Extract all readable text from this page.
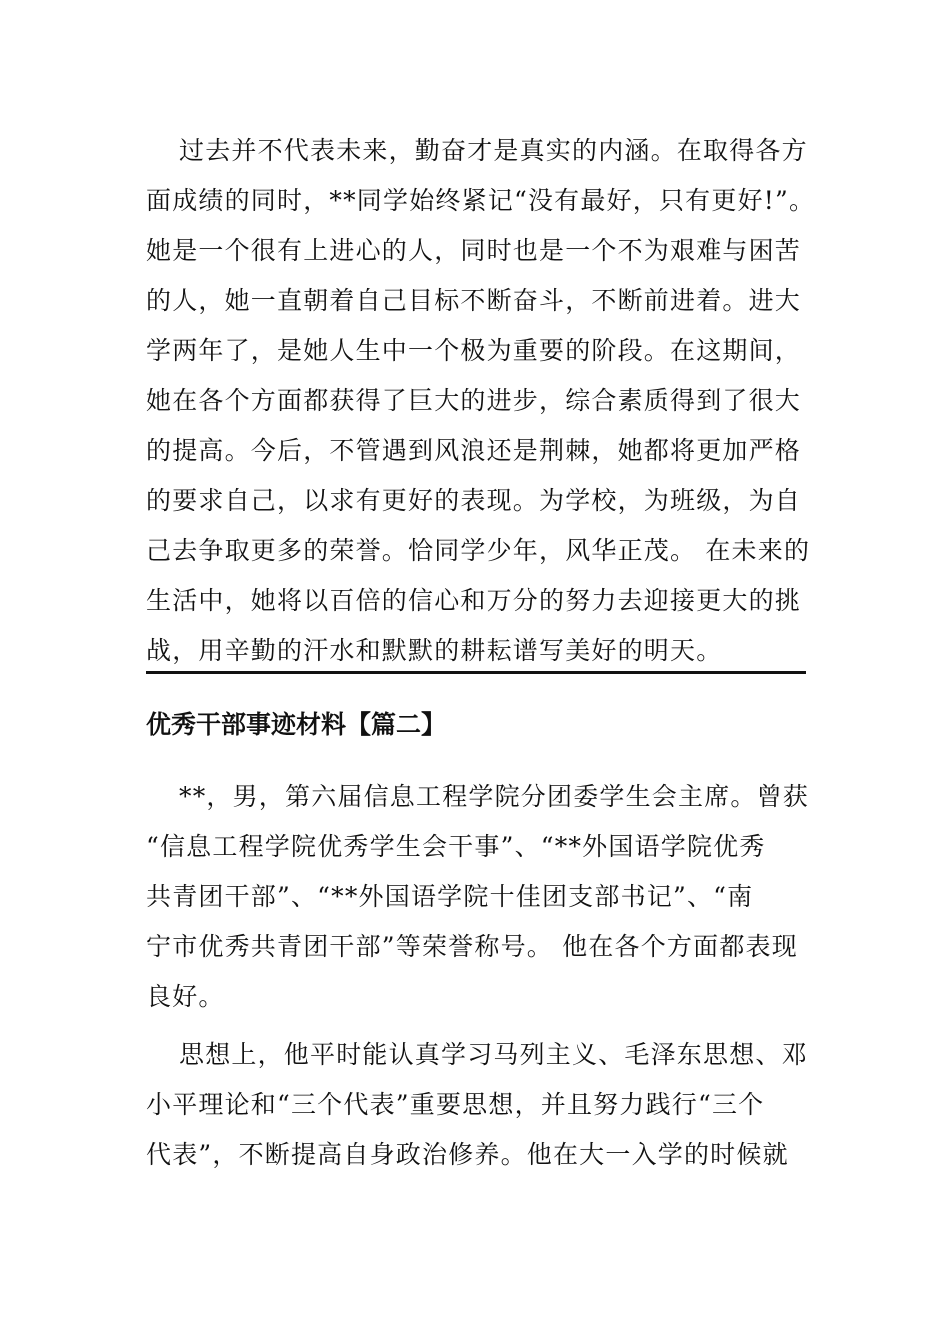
过去并不代表未来，勤奋才是真实的内涵。在取得各方
面成绩的同时，**同学始终紧记“没有最好，只有更好!”。
她是一个很有上进心的人，同时也是一个不为艰难与困苦
的人，她一直朝着自己目标不断奋斗，不断前进着。进大
学两年了，是她人生中一个极为重要的阶段。在这期间，
她在各个方面都获得了巨大的进步，综合素质得到了很大
的提高。今后，不管遇到风浪还是荆棘，她都将更加严格
的要求自己，以求有更好的表现。为学校，为班级，为自
己去争取更多的荣誉。恰同学少年，风华正茂。 在未来的
生活中，她将以百倍的信心和万分的努力去迎接更大的挑
战，用辛勤的汗水和默默的耕耘谱写美好的明天。
优秀干部事迹材料【篇二】
**，男，第六届信息工程学院分团委学生会主席。曾获
“信息工程学院优秀学生会干事”、“**外国语学院优秀
共青团干部”、“**外国语学院十佳团支部书记”、“南
宁市优秀共青团干部”等荣誉称号。 他在各个方面都表现
良好。
思想上，他平时能认真学习马列主义、毛泽东思想、邓
小平理论和“三个代表”重要思想，并且努力践行“三个
代表”，不断提高自身政治修养。他在大一入学的时候就
